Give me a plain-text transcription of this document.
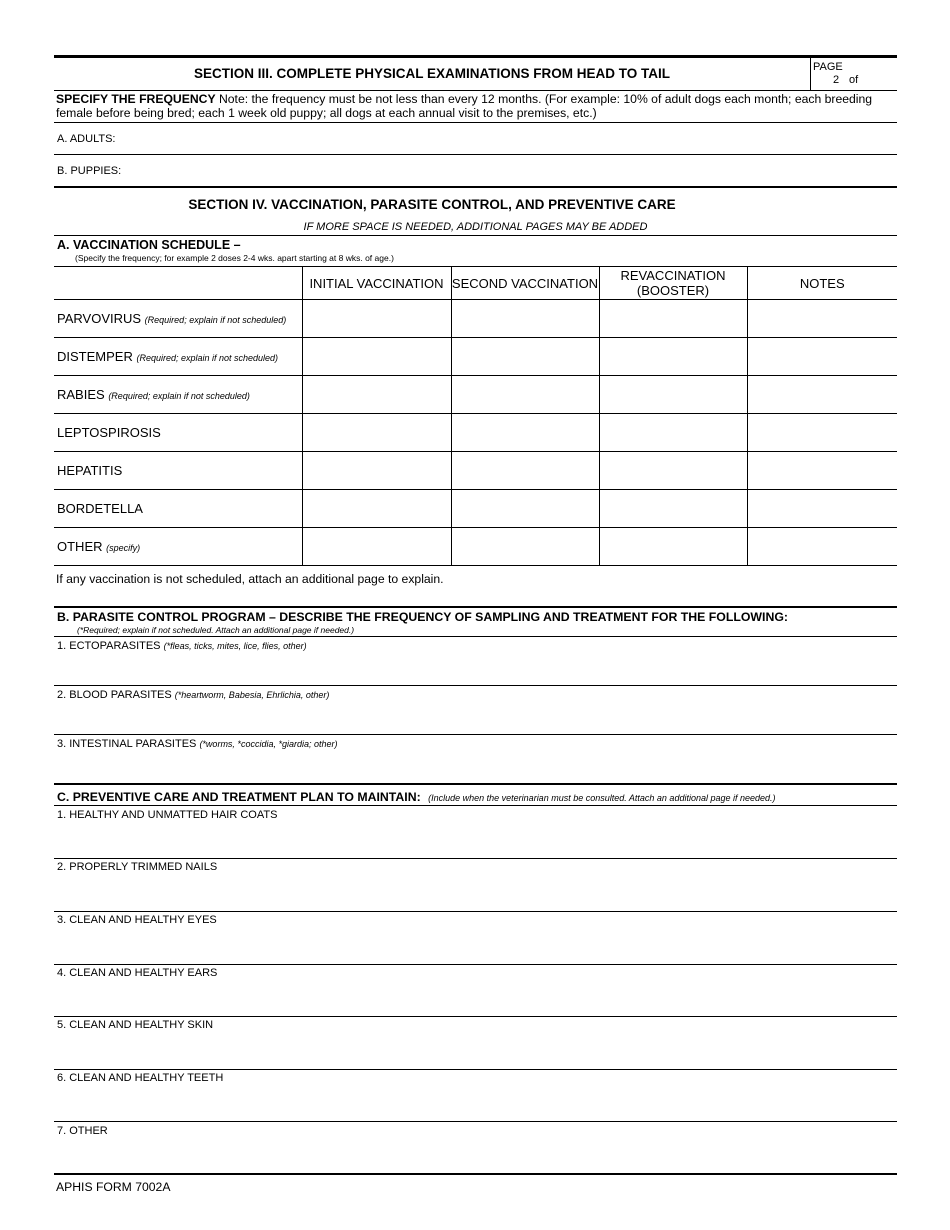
SECTION III. COMPLETE PHYSICAL EXAMINATIONS FROM HEAD TO TAIL	PAGE
2 of
SPECIFY THE FREQUENCY Note: the frequency must be not less than every 12 months. (For example: 10% of adult dogs each month; each breeding female before being bred; each 1 week old puppy; all dogs at each annual visit to the premises, etc.)
A. ADULTS:
B. PUPPIES:
SECTION IV. VACCINATION, PARASITE CONTROL, AND PREVENTIVE CARE
IF MORE SPACE IS NEEDED, ADDITIONAL PAGES MAY BE ADDED
A. VACCINATION SCHEDULE –
(Specify the frequency; for example 2 doses 2-4 wks. apart starting at 8 wks. of age.)
	INITIAL VACCINATION	SECOND VACCINATION	REVACCINATION (BOOSTER)	NOTES
PARVOVIRUS (Required; explain if not scheduled)				
DISTEMPER (Required; explain if not scheduled)				
RABIES (Required; explain if not scheduled)				
LEPTOSPIROSIS				
HEPATITIS				
BORDETELLA				
OTHER (specify)				
If any vaccination is not scheduled, attach an additional page to explain.
B. PARASITE CONTROL PROGRAM – DESCRIBE THE FREQUENCY OF SAMPLING AND TREATMENT FOR THE FOLLOWING:
(*Required; explain if not scheduled. Attach an additional page if needed.)
1. ECTOPARASITES (*fleas, ticks, mites, lice, flies, other)
2. BLOOD PARASITES (*heartworm, Babesia, Ehrlichia, other)
3. INTESTINAL PARASITES (*worms, *coccidia, *giardia; other)
C. PREVENTIVE CARE AND TREATMENT PLAN TO MAINTAIN: (Include when the veterinarian must be consulted. Attach an additional page if needed.)
1. HEALTHY AND UNMATTED HAIR COATS
2. PROPERLY TRIMMED NAILS
3. CLEAN AND HEALTHY EYES
4. CLEAN AND HEALTHY EARS
5. CLEAN AND HEALTHY SKIN
6. CLEAN AND HEALTHY TEETH
7. OTHER
APHIS FORM 7002A
